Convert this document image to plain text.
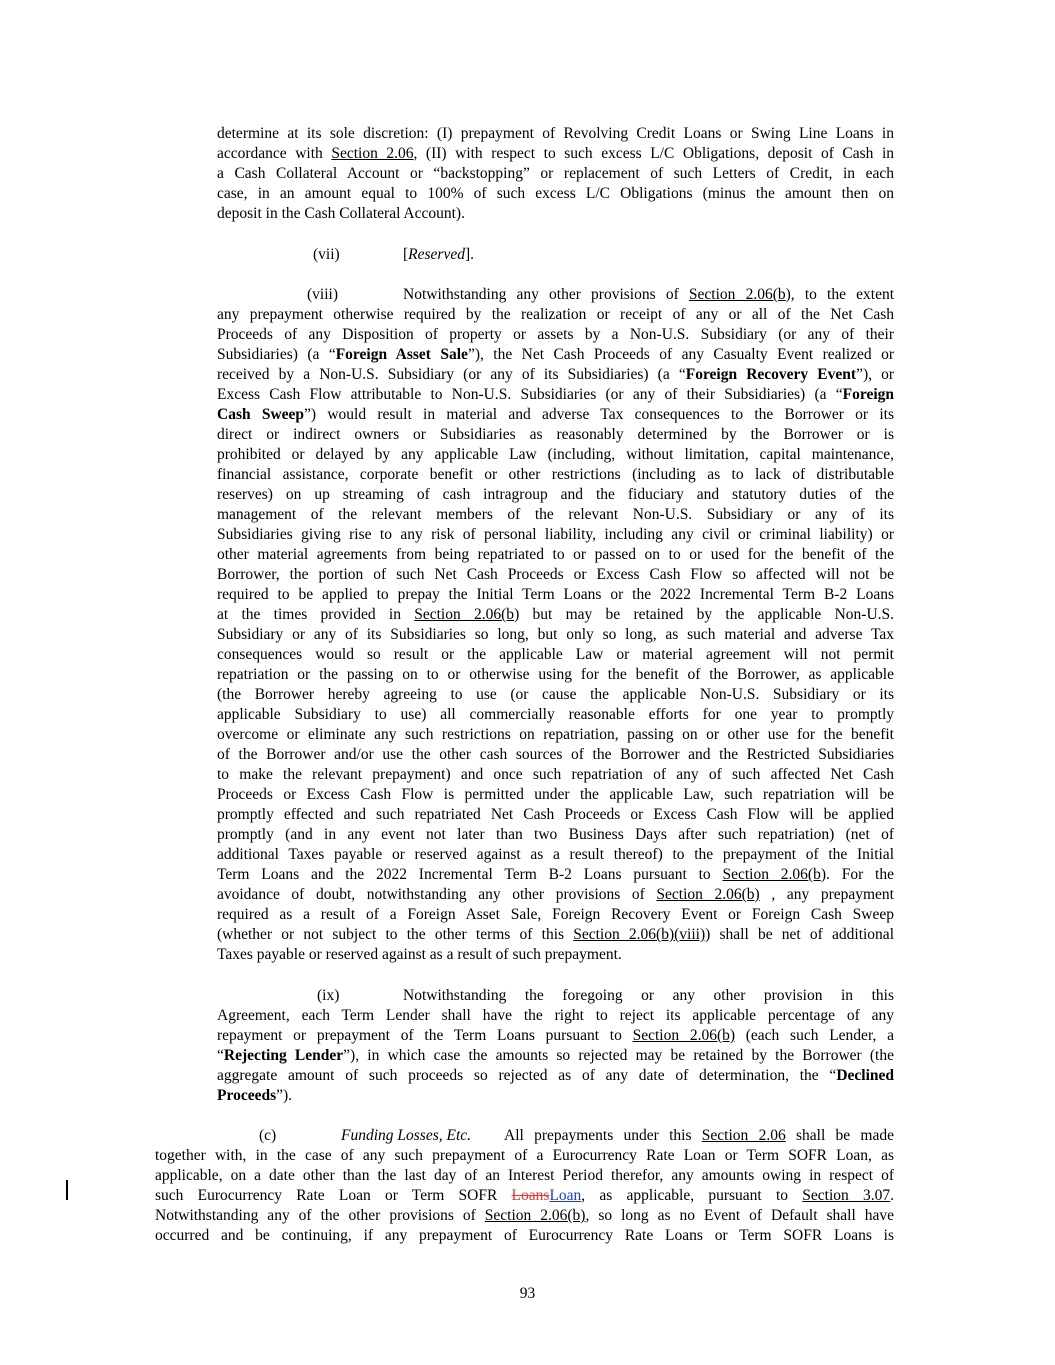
determine at its sole discretion: (I) prepayment of Revolving Credit Loans or Swing Line Loans in

accordance with Section 2.06, (II) with respect to such excess L/C Obligations, deposit of Cash in

a Cash Collateral Account or “backstopping” or replacement of such Letters of Credit, in each

case, in an amount equal to 100% of such excess L/C Obligations (minus the amount then on

deposit in the Cash Collateral Account).

(vii)	[Reserved].
(viii)	Notwithstanding any other provisions of Section 2.06(b), to the extent

any prepayment otherwise required by the realization or receipt of any or all of the Net Cash

Proceeds of any Disposition of property or assets by a Non-U.S. Subsidiary (or any of their

Subsidiaries) (a “Foreign Asset Sale”), the Net Cash Proceeds of any Casualty Event realized or

received by a Non-U.S. Subsidiary (or any of its Subsidiaries) (a “Foreign Recovery Event”), or

Excess Cash Flow attributable to Non-U.S. Subsidiaries (or any of their Subsidiaries) (a “Foreign

Cash Sweep”) would result in material and adverse Tax consequences to the Borrower or its

direct or indirect owners or Subsidiaries as reasonably determined by the Borrower or is

prohibited or delayed by any applicable Law (including, without limitation, capital maintenance,

financial assistance, corporate benefit or other restrictions (including as to lack of distributable

reserves) on up streaming of cash intragroup and the fiduciary and statutory duties of the

management of the relevant members of the relevant Non-U.S. Subsidiary or any of its

Subsidiaries giving rise to any risk of personal liability, including any civil or criminal liability) or

other material agreements from being repatriated to or passed on to or used for the benefit of the

Borrower, the portion of such Net Cash Proceeds or Excess Cash Flow so affected will not be

required to be applied to prepay the Initial Term Loans or the 2022 Incremental Term B-2 Loans

at the times provided in Section 2.06(b) but may be retained by the applicable Non-U.S.

Subsidiary or any of its Subsidiaries so long, but only so long, as such material and adverse Tax

consequences would so result or the applicable Law or material agreement will not permit

repatriation or the passing on to or otherwise using for the benefit of the Borrower, as applicable

(the Borrower hereby agreeing to use (or cause the applicable Non-U.S. Subsidiary or its

applicable Subsidiary to use) all commercially reasonable efforts for one year to promptly

overcome or eliminate any such restrictions on repatriation, passing on or other use for the benefit

of the Borrower and/or use the other cash sources of the Borrower and the Restricted Subsidiaries

to make the relevant prepayment) and once such repatriation of any of such affected Net Cash

Proceeds or Excess Cash Flow is permitted under the applicable Law, such repatriation will be

promptly effected and such repatriated Net Cash Proceeds or Excess Cash Flow will be applied

promptly (and in any event not later than two Business Days after such repatriation) (net of

additional Taxes payable or reserved against as a result thereof) to the prepayment of the Initial

Term Loans and the 2022 Incremental Term B-2 Loans pursuant to Section 2.06(b). For the

avoidance of doubt, notwithstanding any other provisions of Section 2.06(b) , any prepayment

required as a result of a Foreign Asset Sale, Foreign Recovery Event or Foreign Cash Sweep

(whether or not subject to the other terms of this Section 2.06(b)(viii)) shall be net of additional

Taxes payable or reserved against as a result of such prepayment.

(ix)	Notwithstanding the foregoing or any other provision in this

Agreement, each Term Lender shall have the right to reject its applicable percentage of any

repayment or prepayment of the Term Loans pursuant to Section 2.06(b) (each such Lender, a

“Rejecting Lender”), in which case the amounts so rejected may be retained by the Borrower (the

aggregate amount of such proceeds so rejected as of any date of determination, the “Declined

Proceeds”).

(c)	Funding Losses, Etc. All prepayments under this Section 2.06 shall be made

together with, in the case of any such prepayment of a Eurocurrency Rate Loan or Term SOFR Loan, as

applicable, on a date other than the last day of an Interest Period therefor, any amounts owing in respect of

such Eurocurrency Rate Loan or Term SOFR LoansLoan, as applicable, pursuant to Section 3.07.

Notwithstanding any of the other provisions of Section 2.06(b), so long as no Event of Default shall have

occurred and be continuing, if any prepayment of Eurocurrency Rate Loans or Term SOFR Loans is

93
